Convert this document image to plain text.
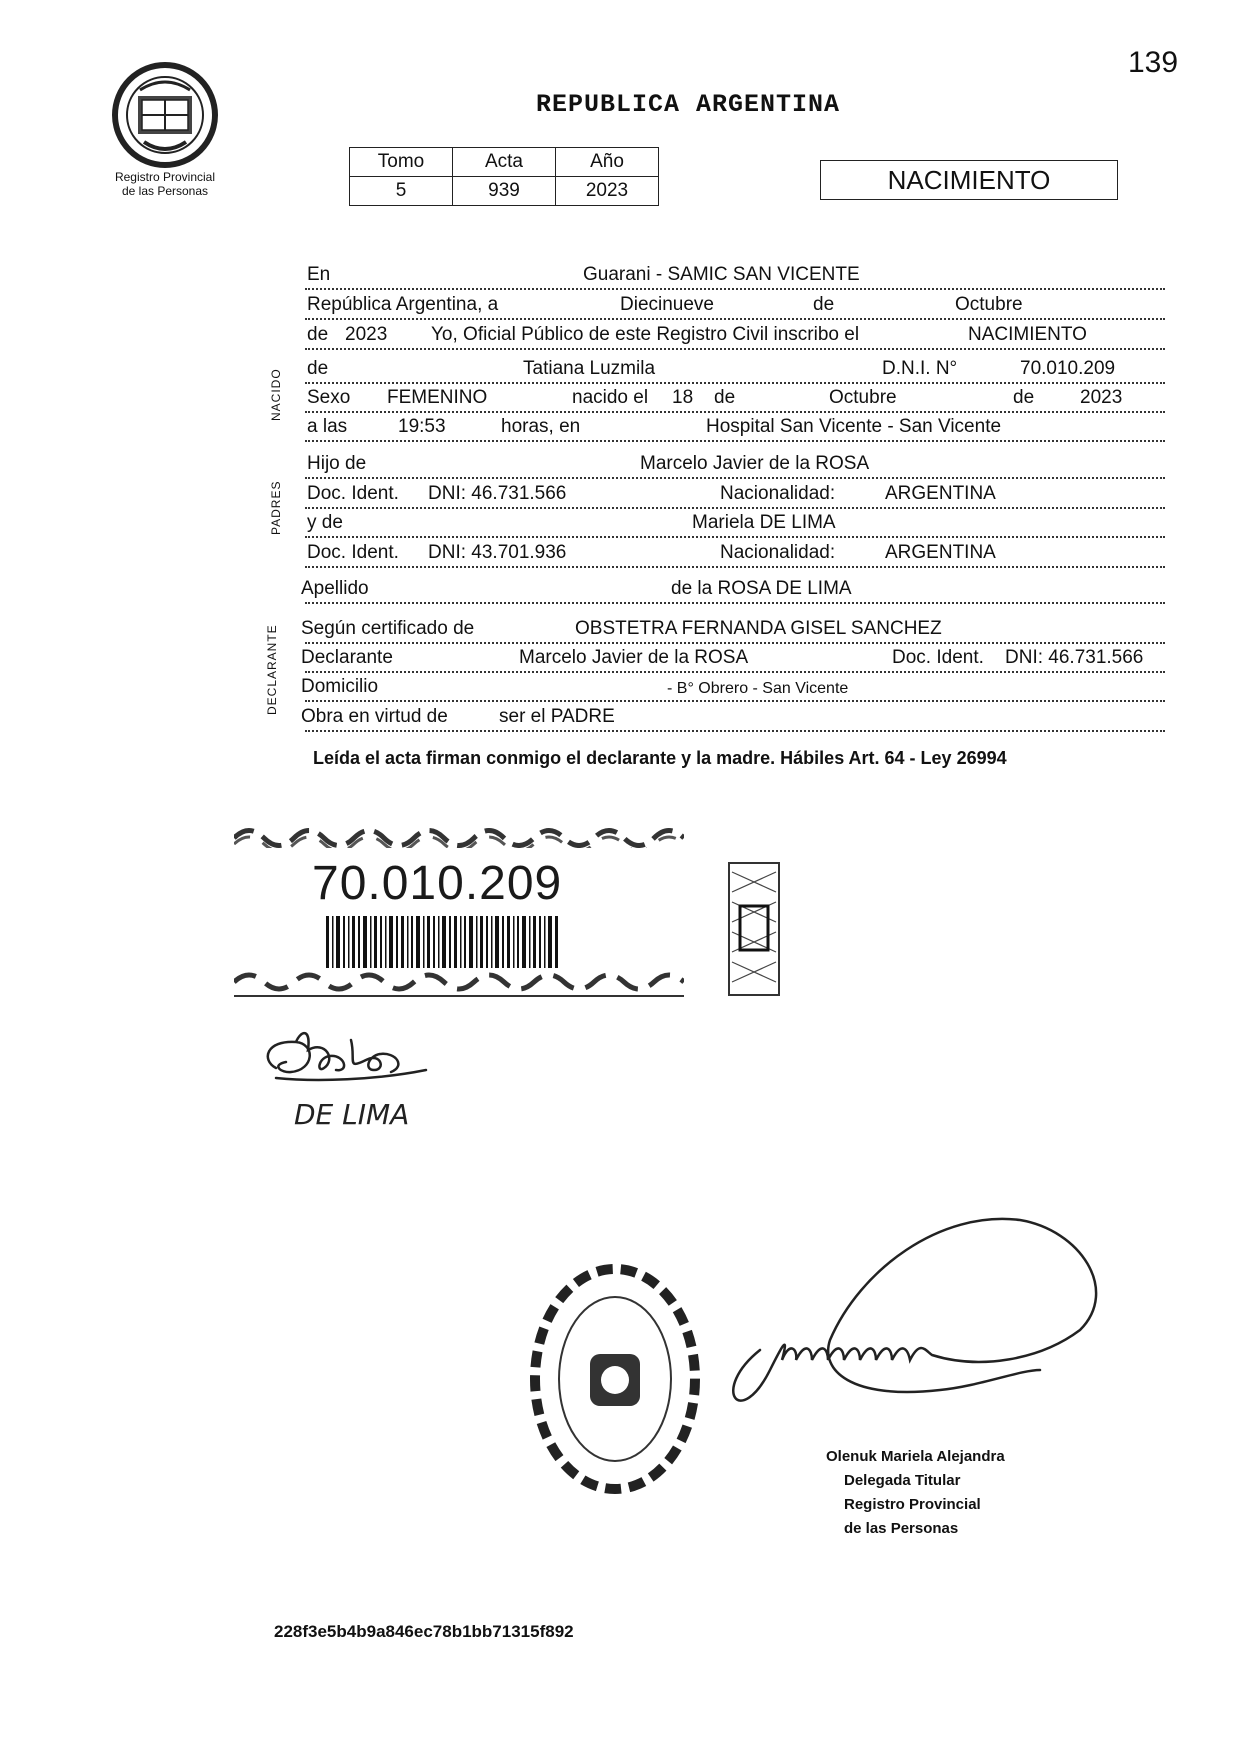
139
Registro Provincial
de las Personas
REPUBLICA ARGENTINA
Tomo	Acta	Año
5	939	2023	NACIMIENTO
NACIDO
PADRES
DECLARANTE
En	Guarani - SAMIC SAN VICENTE
República Argentina, a	Diecinueve	de	Octubre
de 2023 Yo, Oficial Público de este Registro Civil inscribo el	NACIMIENTO
de	Tatiana Luzmila	D.N.I. N°	70.010.209
Sexo FEMENINO	nacido el 18 de	Octubre	de 2023
a las	19:53	horas, en	Hospital San Vicente - San Vicente
Hijo de	Marcelo Javier de la ROSA
Doc. Ident. DNI: 46.731.566	Nacionalidad:	ARGENTINA
y de	Mariela DE LIMA
Doc. Ident. DNI: 43.701.936	Nacionalidad:	ARGENTINA
Apellido	de la ROSA DE LIMA
Según certificado de	OBSTETRA FERNANDA GISEL SANCHEZ
Declarante	Marcelo Javier de la ROSA	Doc. Ident. DNI: 46.731.566
Domicilio	- B° Obrero - San Vicente
Obra en virtud de	ser el PADRE
Leída el acta firman conmigo el declarante y la madre. Hábiles Art. 64 - Ley 26994
70.010.209
DE LIMA
Olenuk Mariela Alejandra
Delegada Titular
Registro Provincial
de las Personas
228f3e5b4b9a846ec78b1bb71315f892
